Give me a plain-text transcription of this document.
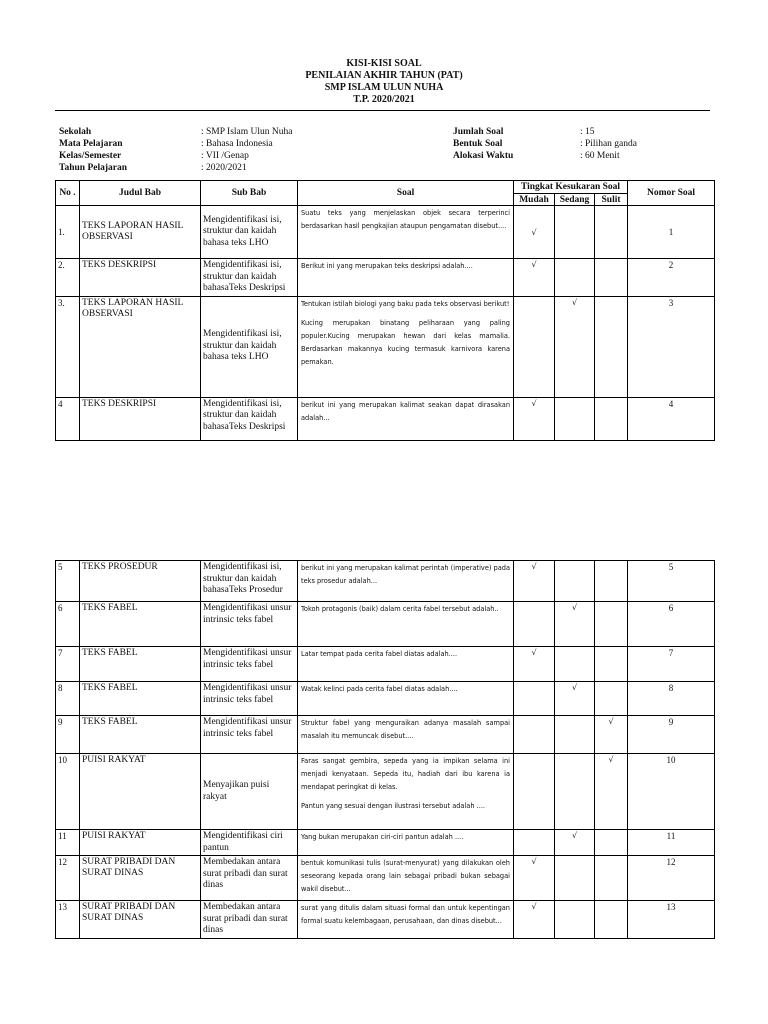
KISI-KISI SOAL
PENILAIAN AKHIR TAHUN (PAT)
SMP ISLAM ULUN NUHA
T.P. 2020/2021
Sekolah	: SMP Islam Ulun Nuha
Mata Pelajaran	: Bahasa Indonesia
Kelas/Semester	: VII /Genap
Tahun Pelajaran	: 2020/2021
Jumlah Soal	: 15
Bentuk Soal	: Pilihan ganda
Alokasi Waktu	: 60 Menit
No .	Judul Bab	Sub Bab	Soal	Tingkat Kesukaran Soal			Nomor Soal
				Mudah	Sedang	Sulit	
1.	TEKS LAPORAN HASIL OBSERVASI	Mengidentifikasi isi, struktur dan kaidah bahasa teks LHO	Suatu teks yang menjelaskan objek secara terperinci berdasarkan hasil pengkajian ataupun pengamatan disebut....	√			1
2.	TEKS DESKRIPSI	Mengidentifikasi isi, struktur dan kaidah bahasaTeks Deskripsi	Berikut ini yang merupakan teks deskripsi adalah....	√			2
3.	TEKS LAPORAN HASIL OBSERVASI	Mengidentifikasi isi, struktur dan kaidah bahasa teks LHO	Tentukan istilah biologi yang baku pada teks observasi berikut!

Kucing merupakan binatang peliharaan yang paling populer.Kucing merupakan hewan dari kelas mamalia. Berdasarkan makannya kucing termasuk karnivora karena pemakan.		√		3
4	TEKS DESKRIPSI	Mengidentifikasi isi, struktur dan kaidah bahasaTeks Deskripsi	berikut ini yang merupakan kalimat seakan dapat dirasakan adalah...	√			4
5	TEKS PROSEDUR	Mengidentifikasi isi, struktur dan kaidah bahasaTeks Prosedur	berikut ini yang merupakan kalimat perintah (imperative) pada teks prosedur adalah...	√			5
6	TEKS FABEL	Mengidentifikasi unsur intrinsic teks fabel	Tokoh protagonis (baik) dalam cerita fabel tersebut adalah..		√		6
7	TEKS FABEL	Mengidentifikasi unsur intrinsic teks fabel	Latar tempat pada cerita fabel diatas adalah....	√			7
8	TEKS FABEL	Mengidentifikasi unsur intrinsic teks fabel	Watak kelinci pada cerita fabel diatas adalah....		√		8
9	TEKS FABEL	Mengidentifikasi unsur intrinsic teks fabel	Struktur fabel yang menguraikan adanya masalah sampai masalah itu memuncak disebut....			√	9
10	PUISI RAKYAT	Menyajikan puisi rakyat	Faras sangat gembira, sepeda yang ia impikan selama ini menjadi kenyataan. Sepeda itu, hadiah dari ibu karena ia mendapat peringkat di kelas.

Pantun yang sesuai dengan ilustrasi tersebut adalah ....			√	10
11	PUISI RAKYAT	Mengidentifikasi ciri pantun	Yang bukan merupakan ciri-ciri pantun adalah ....		√		11
12	SURAT PRIBADI DAN SURAT DINAS	Membedakan antara surat pribadi dan surat dinas	bentuk komunikasi tulis (surat-menyurat) yang dilakukan oleh seseorang kepada orang lain sebagai pribadi bukan sebagai wakil disebut...	√			12
13	SURAT PRIBADI DAN SURAT DINAS	Membedakan antara surat pribadi dan surat dinas	surat yang ditulis dalam situasi formal dan untuk kepentingan formal suatu kelembagaan, perusahaan, dan dinas disebut...	√			13
